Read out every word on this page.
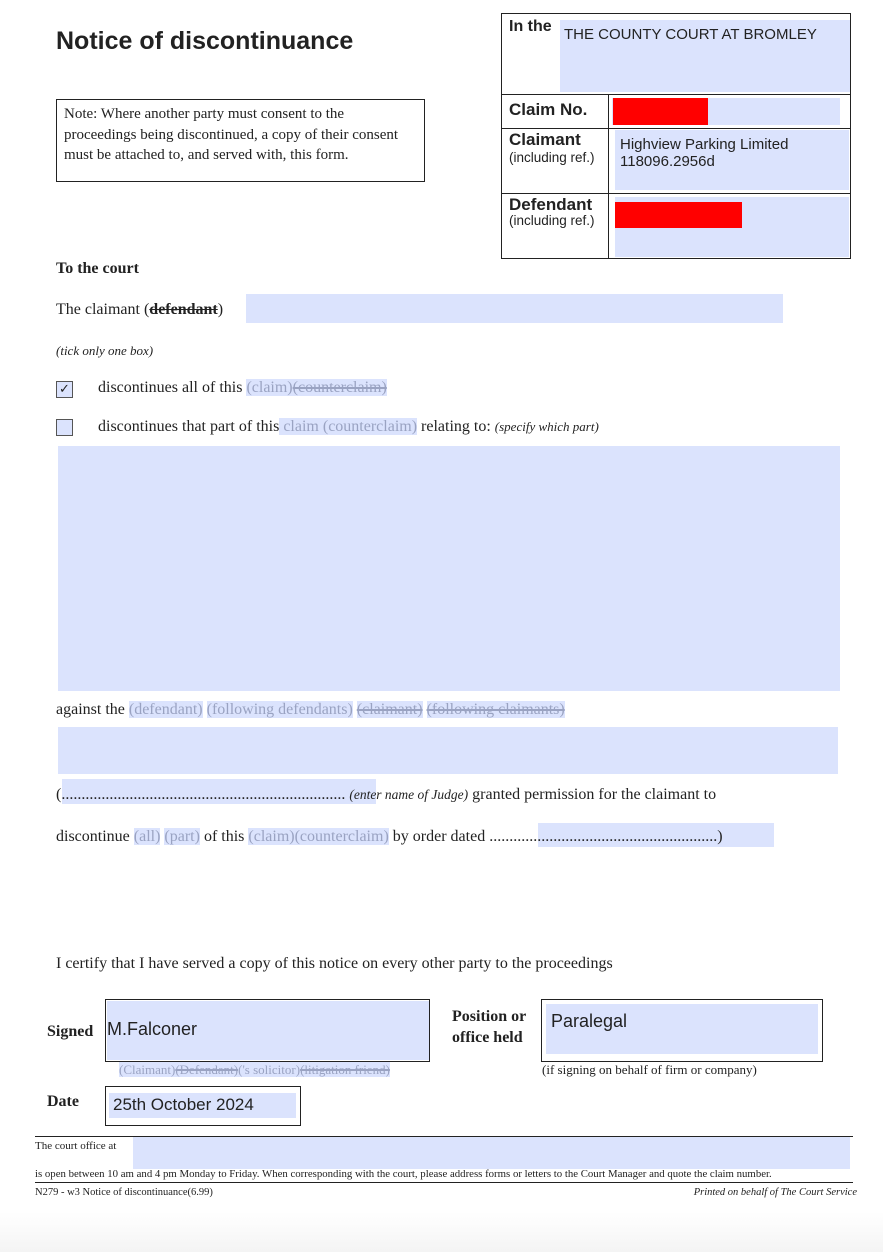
Notice of discontinuance
Note: Where another party must consent to the proceedings being discontinued, a copy of their consent must be attached to, and served with, this form.
In the THE COUNTY COURT AT BROMLEY
Claim No.
Claimant
(including ref.)
Highview Parking Limited
118096.2956d
Defendant
(including ref.)
To the court
The claimant (defendant)
(tick only one box)
✓ discontinues all of this (claim)(counterclaim)
discontinues that part of this claim (counterclaim) relating to: (specify which part)
against the (defendant) (following defendants) (claimant) (following claimants)
(....................................................................... (enter name of Judge) granted permission for the claimant to
discontinue (all) (part) of this (claim)(counterclaim) by order dated .........................................................)
I certify that I have served a copy of this notice on every other party to the proceedings
Signed M.Falconer
(Claimant)(Defendant)('s solicitor)(litigation friend)
Position or
office held
Paralegal
(if signing on behalf of firm or company)
Date 25th October 2024
The court office at
is open between 10 am and 4 pm Monday to Friday. When corresponding with the court, please address forms or letters to the Court Manager and quote the claim number.
N279 - w3 Notice of discontinuance(6.99)	Printed on behalf of The Court Service
